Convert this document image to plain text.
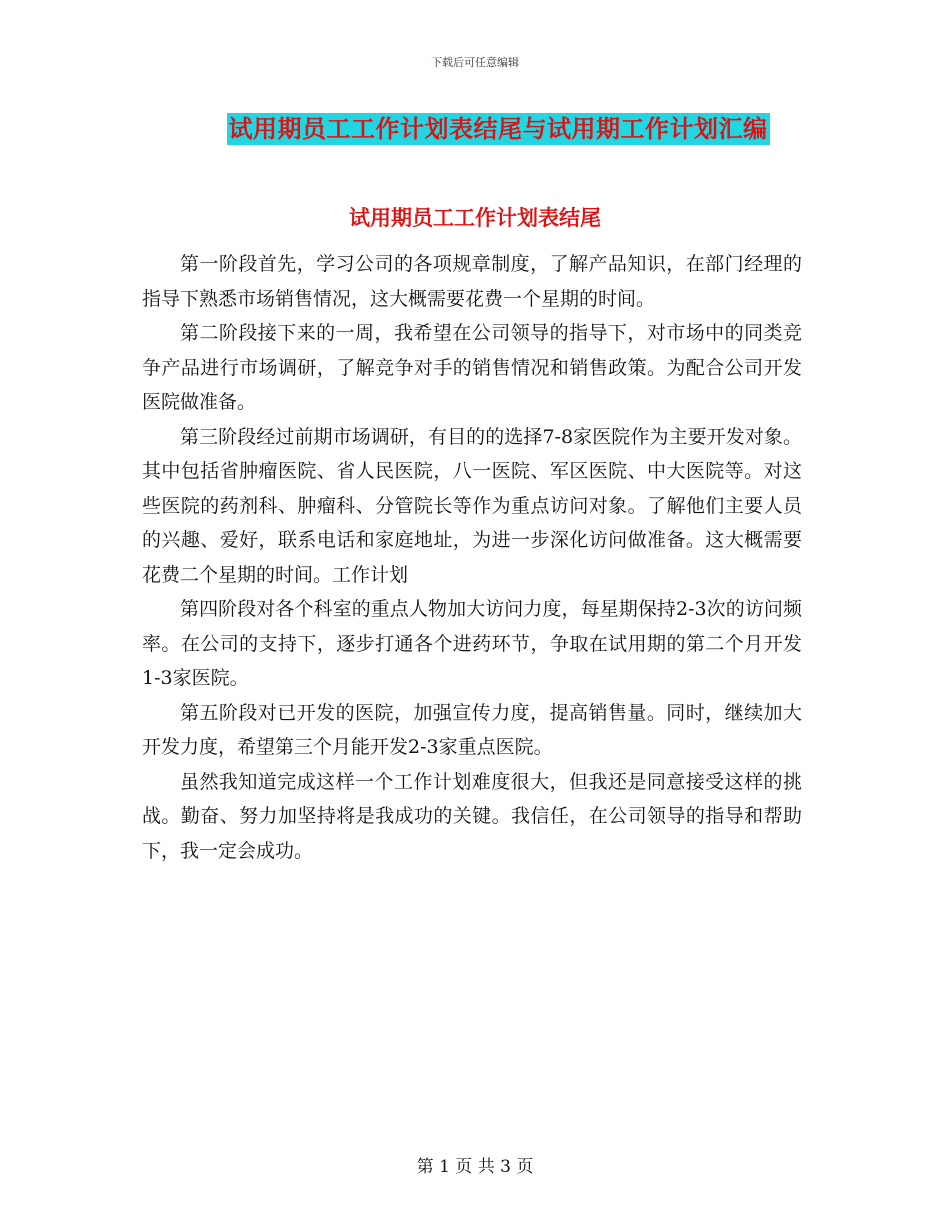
下载后可任意编辑
试用期员工工作计划表结尾与试用期工作计划汇编
试用期员工工作计划表结尾

第一阶段首先，学习公司的各项规章制度，了解产品知识，在部门经理的指导下熟悉市场销售情况，这大概需要花费一个星期的时间。

第二阶段接下来的一周，我希望在公司领导的指导下，对市场中的同类竞争产品进行市场调研，了解竞争对手的销售情况和销售政策。为配合公司开发医院做准备。

第三阶段经过前期市场调研，有目的的选择7-8家医院作为主要开发对象。其中包括省肿瘤医院、省人民医院，八一医院、军区医院、中大医院等。对这些医院的药剂科、肿瘤科、分管院长等作为重点访问对象。了解他们主要人员的兴趣、爱好，联系电话和家庭地址，为进一步深化访问做准备。这大概需要花费二个星期的时间。工作计划

第四阶段对各个科室的重点人物加大访问力度，每星期保持2-3次的访问频率。在公司的支持下，逐步打通各个进药环节，争取在试用期的第二个月开发1-3家医院。

第五阶段对已开发的医院，加强宣传力度，提高销售量。同时，继续加大开发力度，希望第三个月能开发2-3家重点医院。

虽然我知道完成这样一个工作计划难度很大，但我还是同意接受这样的挑战。勤奋、努力加坚持将是我成功的关键。我信任，在公司领导的指导和帮助下，我一定会成功。

第 1 页 共 3 页
